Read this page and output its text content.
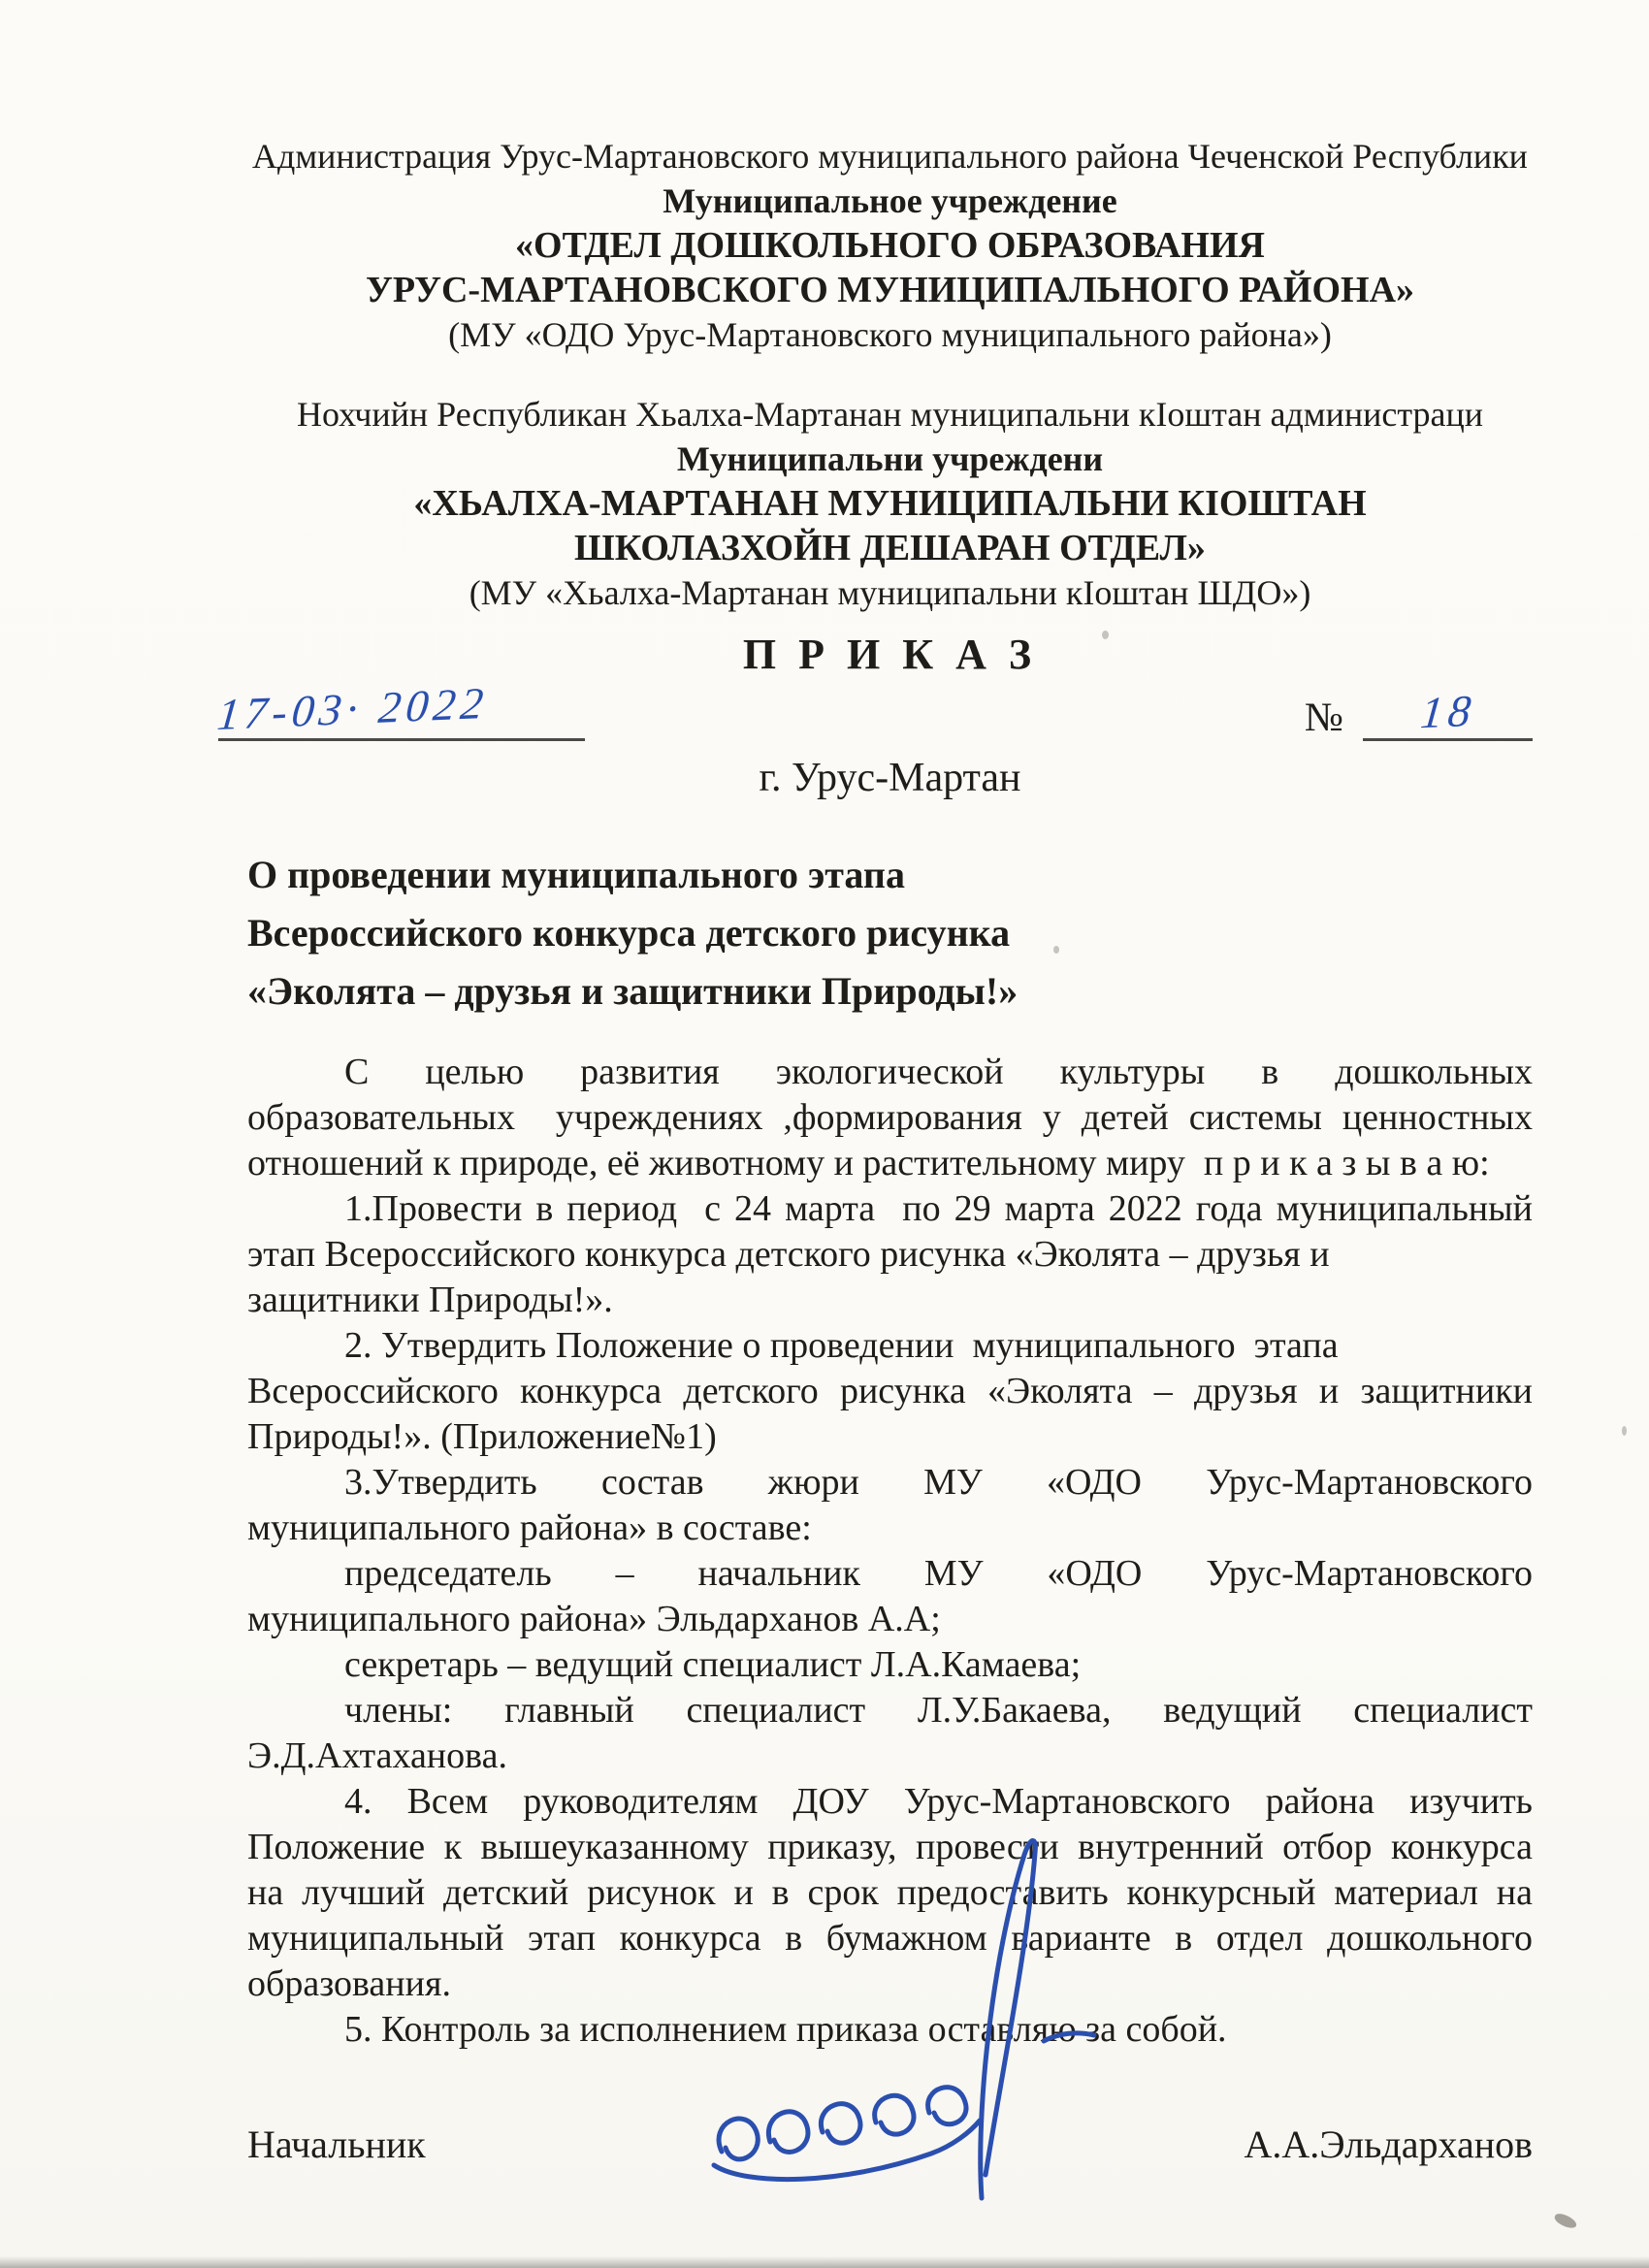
Администрация Урус-Мартановского муниципального района Чеченской Республики
Муниципальное учреждение
«ОТДЕЛ ДОШКОЛЬНОГО ОБРАЗОВАНИЯ
УРУС-МАРТАНОВСКОГО МУНИЦИПАЛЬНОГО РАЙОНА»
(МУ «ОДО Урус-Мартановского муниципального района»)
Нохчийн Республикан Хьалха-Мартанан муниципальни кIоштан администраци
Муниципальни учреждени
«ХЬАЛХА-МАРТАНАН МУНИЦИПАЛЬНИ КIОШТАН
ШКОЛАЗХОЙН ДЕШАРАН ОТДЕЛ»
(МУ «Хьалха-Мартанан муниципальни кIоштан ШДО»)
П Р И К А З
17-03· 2022	№	18
г. Урус-Мартан
О проведении муниципального этапа
Всероссийского конкурса детского рисунка
«Эколята – друзья и защитники Природы!»
С целью развития экологической культуры в дошкольных
образовательных  учреждениях ,формирования у детей системы ценностных
отношений к природе, её животному и растительному миру  п р и к а з ы в а ю:
1.Провести в период  с 24 марта  по 29 марта 2022 года муниципальный
этап Всероссийского конкурса детского рисунка «Эколята – друзья и
защитники Природы!».
2. Утвердить Положение о проведении  муниципального  этапа
Всероссийского конкурса детского рисунка «Эколята – друзья и защитники
Природы!». (Приложение№1)
3.Утвердить состав жюри МУ «ОДО Урус-Мартановского
муниципального района» в составе:
председатель – начальник МУ «ОДО Урус-Мартановского
муниципального района» Эльдарханов А.А;
секретарь – ведущий специалист Л.А.Камаева;
члены: главный специалист Л.У.Бакаева, ведущий специалист
Э.Д.Ахтаханова.
4. Всем руководителям ДОУ Урус-Мартановского района изучить
Положение к вышеуказанному приказу, провести внутренний отбор конкурса
на лучший детский рисунок и в срок предоставить конкурсный материал на
муниципальный этап конкурса в бумажном варианте в отдел дошкольного
образования.
5. Контроль за исполнением приказа оставляю за собой.
Начальник	А.А.Эльдарханов
